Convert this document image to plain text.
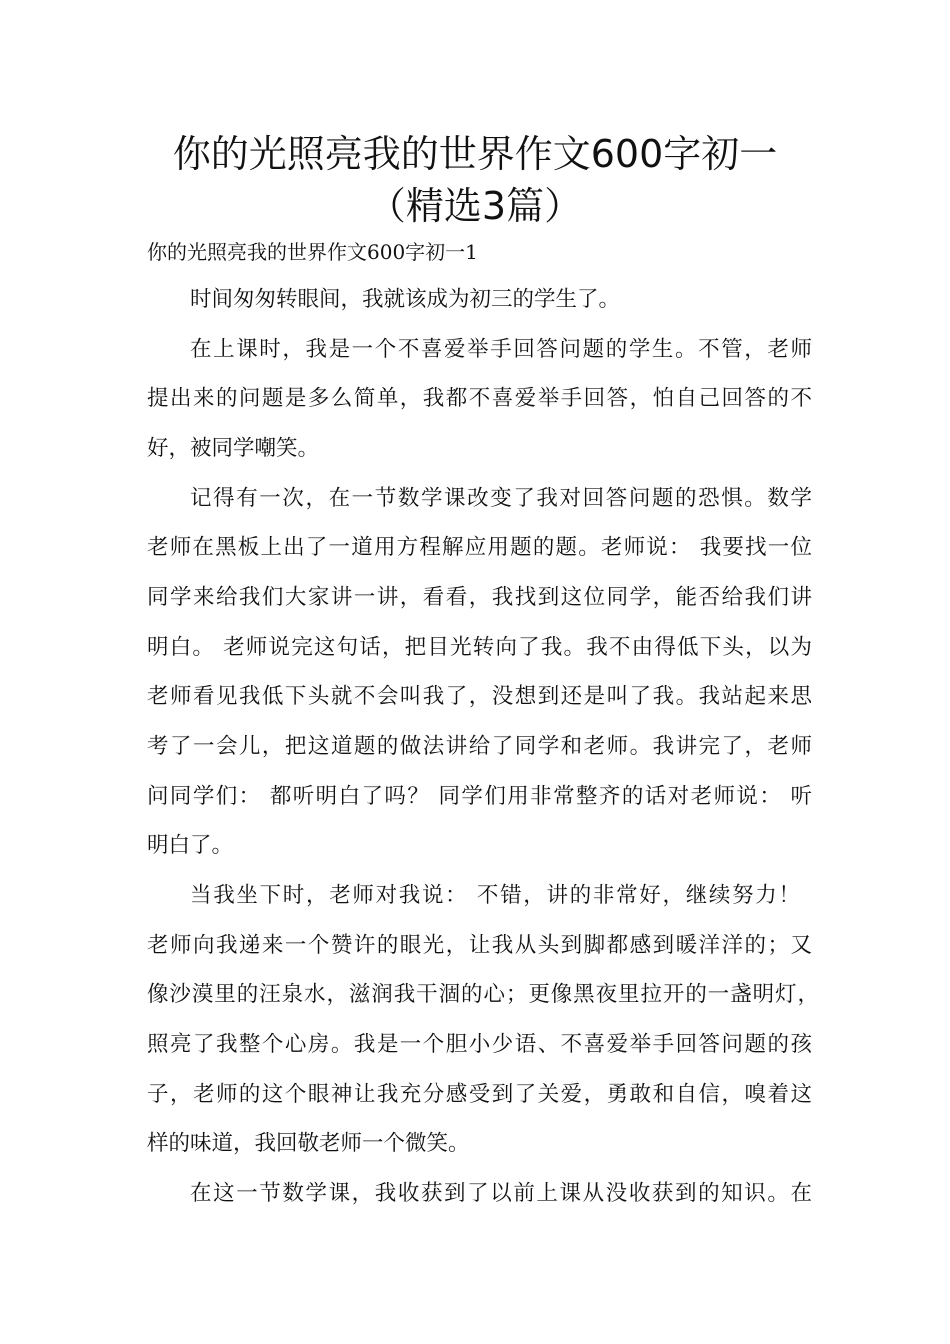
你的光照亮我的世界作文600字初一
（精选3篇）
你的光照亮我的世界作文600字初一1
时间匆匆转眼间，我就该成为初三的学生了。
在上课时，我是一个不喜爱举手回答问题的学生。不管，老师
提出来的问题是多么简单，我都不喜爱举手回答，怕自己回答的不
好，被同学嘲笑。
记得有一次，在一节数学课改变了我对回答问题的恐惧。数学
老师在黑板上出了一道用方程解应用题的题。老师说： 我要找一位
同学来给我们大家讲一讲，看看，我找到这位同学，能否给我们讲
明白。 老师说完这句话，把目光转向了我。我不由得低下头，以为
老师看见我低下头就不会叫我了，没想到还是叫了我。我站起来思
考了一会儿，把这道题的做法讲给了同学和老师。我讲完了，老师
问同学们： 都听明白了吗？ 同学们用非常整齐的话对老师说： 听
明白了。
当我坐下时，老师对我说： 不错，讲的非常好，继续努力！
老师向我递来一个赞许的眼光，让我从头到脚都感到暖洋洋的；又
像沙漠里的汪泉水，滋润我干涸的心；更像黑夜里拉开的一盏明灯，
照亮了我整个心房。我是一个胆小少语、不喜爱举手回答问题的孩
子，老师的这个眼神让我充分感受到了关爱，勇敢和自信，嗅着这
样的味道，我回敬老师一个微笑。
在这一节数学课，我收获到了以前上课从没收获到的知识。在
